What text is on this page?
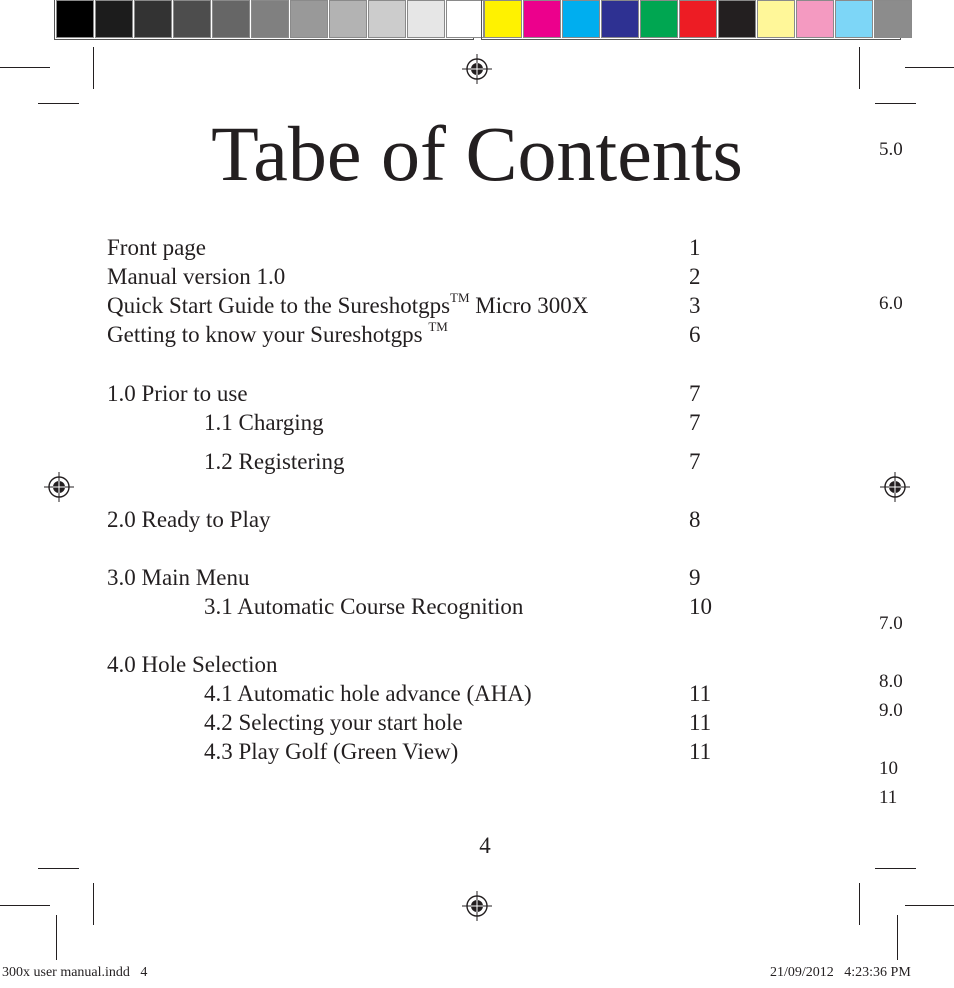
Tabe of Contents
Front page	1
Manual version 1.0	2
Quick Start Guide to the Sureshotgps™ Micro 300X	3
Getting to know your Sureshotgps ™	6
1.0 Prior to use	7
1.1 Charging	7
1.2 Registering	7
2.0 Ready to Play	8
3.0 Main Menu	9
3.1 Automatic Course Recognition	10
4.0 Hole Selection
4.1 Automatic hole advance (AHA)	11
4.2 Selecting your start hole	11
4.3 Play Golf (Green View)	11
4
5.0
6.0
7.0
8.0
9.0
10
11
300x user manual.indd   4	21/09/2012   4:23:36 PM
